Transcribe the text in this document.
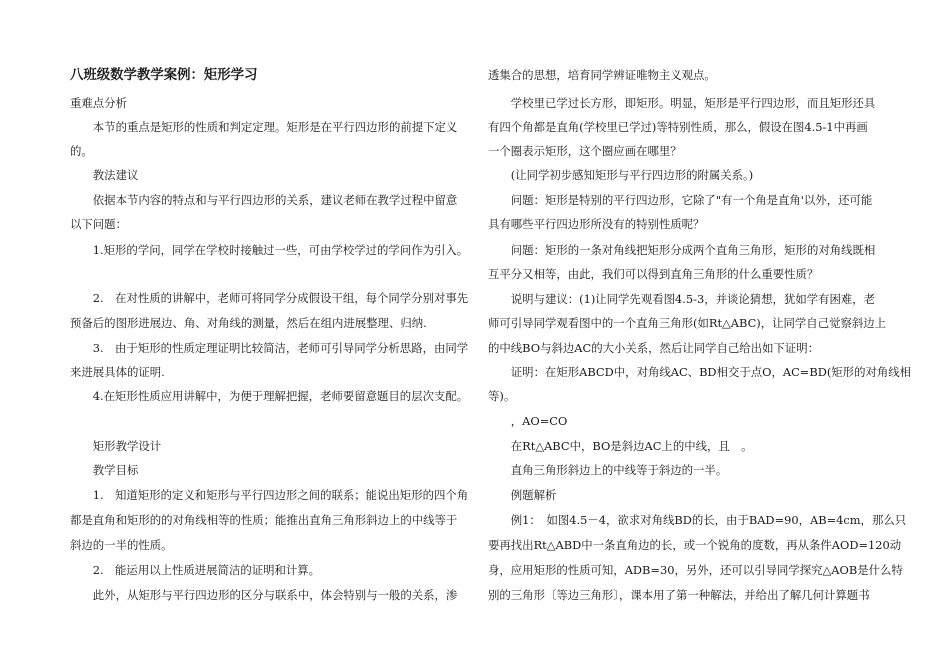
八班级数学教学案例：矩形学习
重难点分析
　　本节的重点是矩形的性质和判定定理。矩形是在平行四边形的前提下定义
的。
　　教法建议
　　依据本节内容的特点和与平行四边形的关系，建议老师在教学过程中留意
以下问题：
　　1.矩形的学问，同学在学校时接触过一些，可由学校学过的学问作为引入。
　　2.　在对性质的讲解中，老师可将同学分成假设干组，每个同学分别对事先
预备后的图形进展边、角、对角线的测量，然后在组内进展整理、归纳.
　　3.　由于矩形的性质定理证明比较简洁，老师可引导同学分析思路，由同学
来进展具体的证明.
　　4.在矩形性质应用讲解中，为便于理解把握，老师要留意题目的层次支配。
　　矩形教学设计
　　教学目标
　　1.　知道矩形的定义和矩形与平行四边形之间的联系；能说出矩形的四个角
都是直角和矩形的的对角线相等的性质；能推出直角三角形斜边上的中线等于
斜边的一半的性质。
　　2.　能运用以上性质进展简洁的证明和计算。
　　此外，从矩形与平行四边形的区分与联系中，体会特别与一般的关系，渗
透集合的思想，培育同学辨证唯物主义观点。
　　学校里已学过长方形，即矩形。明显，矩形是平行四边形，而且矩形还具
有四个角都是直角(学校里已学过)等特别性质，那么，假设在图4.5-1中再画
一个圈表示矩形，这个圈应画在哪里？
　　(让同学初步感知矩形与平行四边形的附属关系。)
　　问题：矩形是特别的平行四边形，它除了"有一个角是直角'以外，还可能
具有哪些平行四边形所没有的特别性质呢？
　　问题：矩形的一条对角线把矩形分成两个直角三角形，矩形的对角线既相
互平分又相等，由此，我们可以得到直角三角形的什么重要性质？
　　说明与建议：(1)让同学先观看图4.5-3，并谈论猜想，犹如学有困难，老
师可引导同学观看图中的一个直角三角形(如Rt△ABC)，让同学自己觉察斜边上
的中线BO与斜边AC的大小关系，然后让同学自己给出如下证明：
　　证明：在矩形ABCD中，对角线AC、BD相交于点O，AC=BD(矩形的对角线相
等)。
　　，AO=CO
　　在Rt△ABC中，BO是斜边AC上的中线，且　。
　　直角三角形斜边上的中线等于斜边的一半。
　　例题解析
　　例1：　如图4.5－4，欲求对角线BD的长，由于BAD=90，AB=4cm，那么只
要再找出Rt△ABD中一条直角边的长，或一个锐角的度数，再从条件AOD=120动
身，应用矩形的性质可知，ADB=30，另外，还可以引导同学探究△AOB是什么特
别的三角形〔等边三角形〕，课本用了第一种解法，并给出了解几何计算题书
